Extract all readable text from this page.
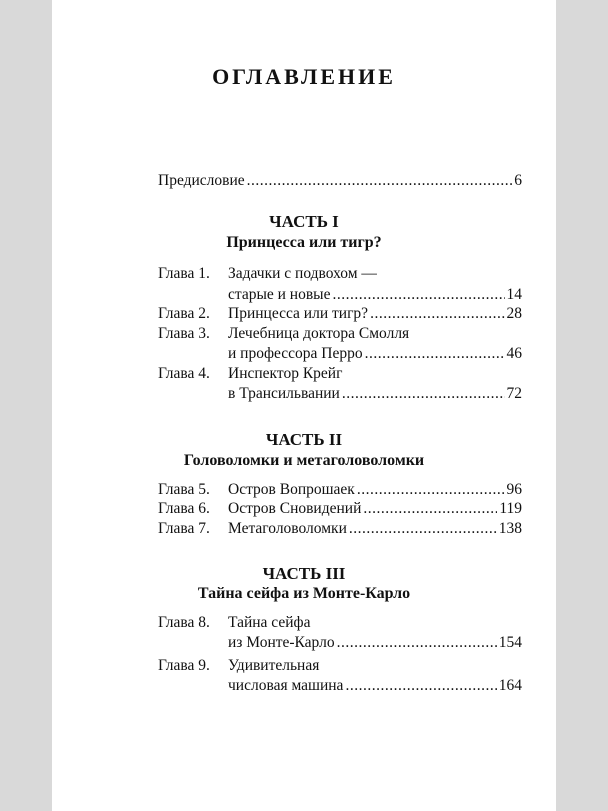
ОГЛАВЛЕНИЕ
Предисловие .....	6
ЧАСТЬ I
Принцесса или тигр?
Глава 1. Задачки с подвохом —
старые и новые .....	14
Глава 2. Принцесса или тигр? .....	28
Глава 3. Лечебница доктора Смолля
и профессора Перро .....	46
Глава 4. Инспектор Крейг
в Трансильвании .....	72
ЧАСТЬ II
Головоломки и метаголоволомки
Глава 5. Остров Вопрошаек .....	96
Глава 6. Остров Сновидений .....	119
Глава 7. Метаголоволомки .....	138
ЧАСТЬ III
Тайна сейфа из Монте-Карло
Глава 8. Тайна сейфа
из Монте-Карло .....	154
Глава 9. Удивительная
числовая машина .....	164
